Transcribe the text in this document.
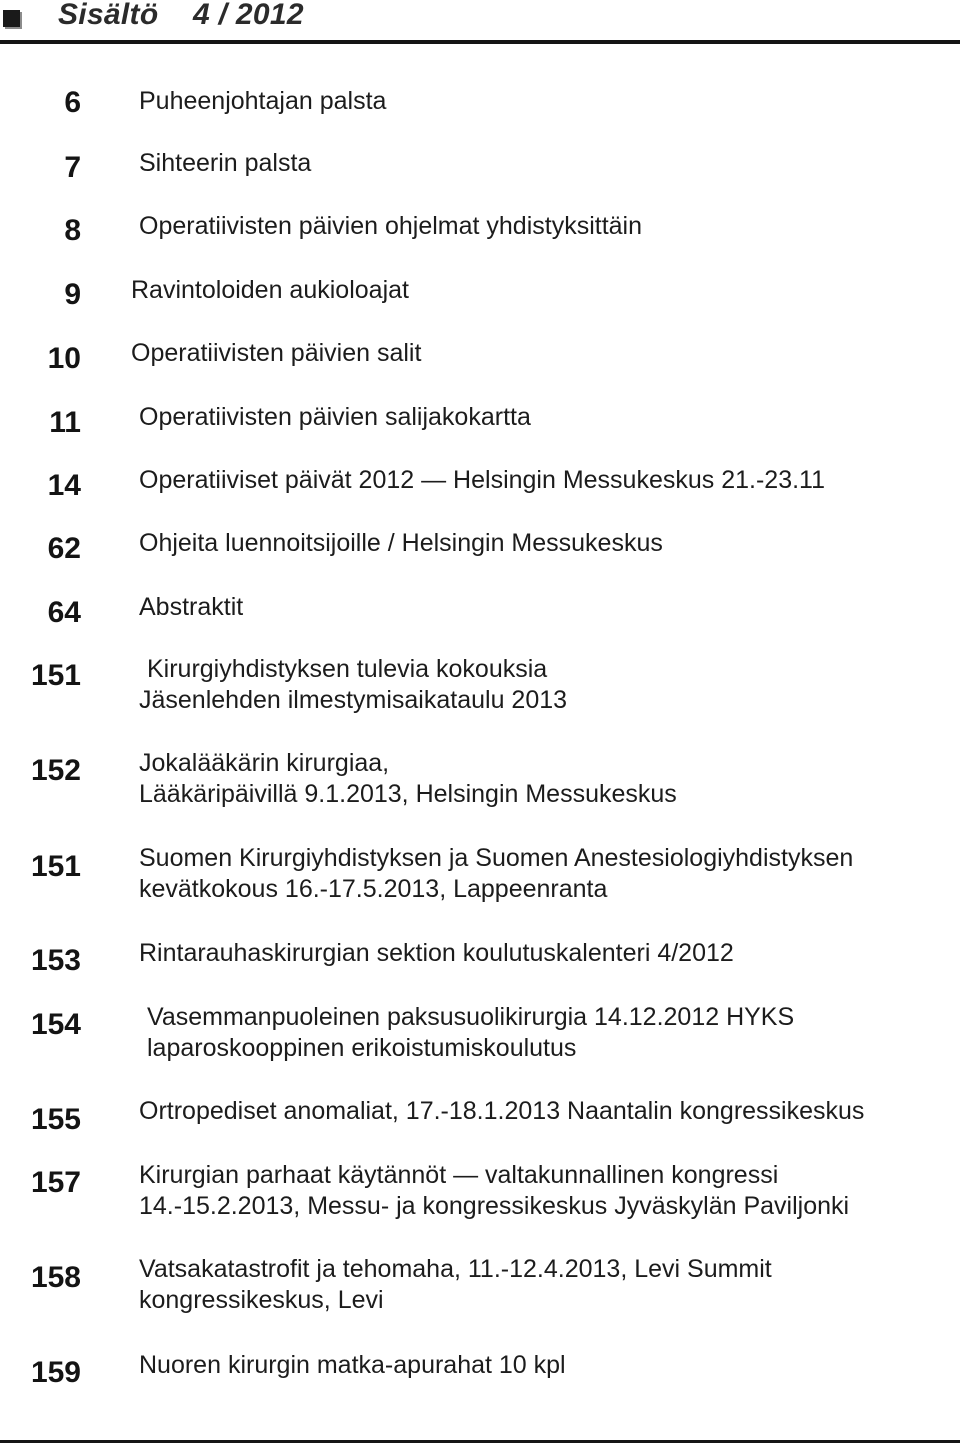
Sisältö    4 / 2012
6 Puheenjohtajan palsta
7 Sihteerin palsta
8 Operatiivisten päivien ohjelmat yhdistyksittäin
9 Ravintoloiden aukioloajat
10 Operatiivisten päivien salit
11 Operatiivisten päivien salijakokartta
14 Operatiiviset päivät 2012 — Helsingin Messukeskus 21.-23.11
62 Ohjeita luennoitsijoille / Helsingin Messukeskus
64 Abstraktit
151	Kirurgiyhdistyksen tulevia kokouksia
Jäsenlehden ilmestymisaikataulu 2013
152 Jokalääkärin kirurgiaa,
Lääkäripäivillä 9.1.2013, Helsingin Messukeskus
151 Suomen Kirurgiyhdistyksen ja Suomen Anestesiologiyhdistyksen
kevätkokous 16.-17.5.2013, Lappeenranta
153 Rintarauhaskirurgian sektion koulutuskalenteri 4/2012
154	Vasemmanpuoleinen paksusuolikirurgia 14.12.2012 HYKS
laparoskooppinen erikoistumiskoulutus
155 Ortropediset anomaliat, 17.-18.1.2013 Naantalin kongressikeskus
157 Kirurgian parhaat käytännöt — valtakunnallinen kongressi
14.-15.2.2013, Messu- ja kongressikeskus Jyväskylän Paviljonki
158 Vatsakatastrofit ja tehomaha, 11.-12.4.2013, Levi Summit
kongressikeskus, Levi
159 Nuoren kirurgin matka-apurahat 10 kpl
